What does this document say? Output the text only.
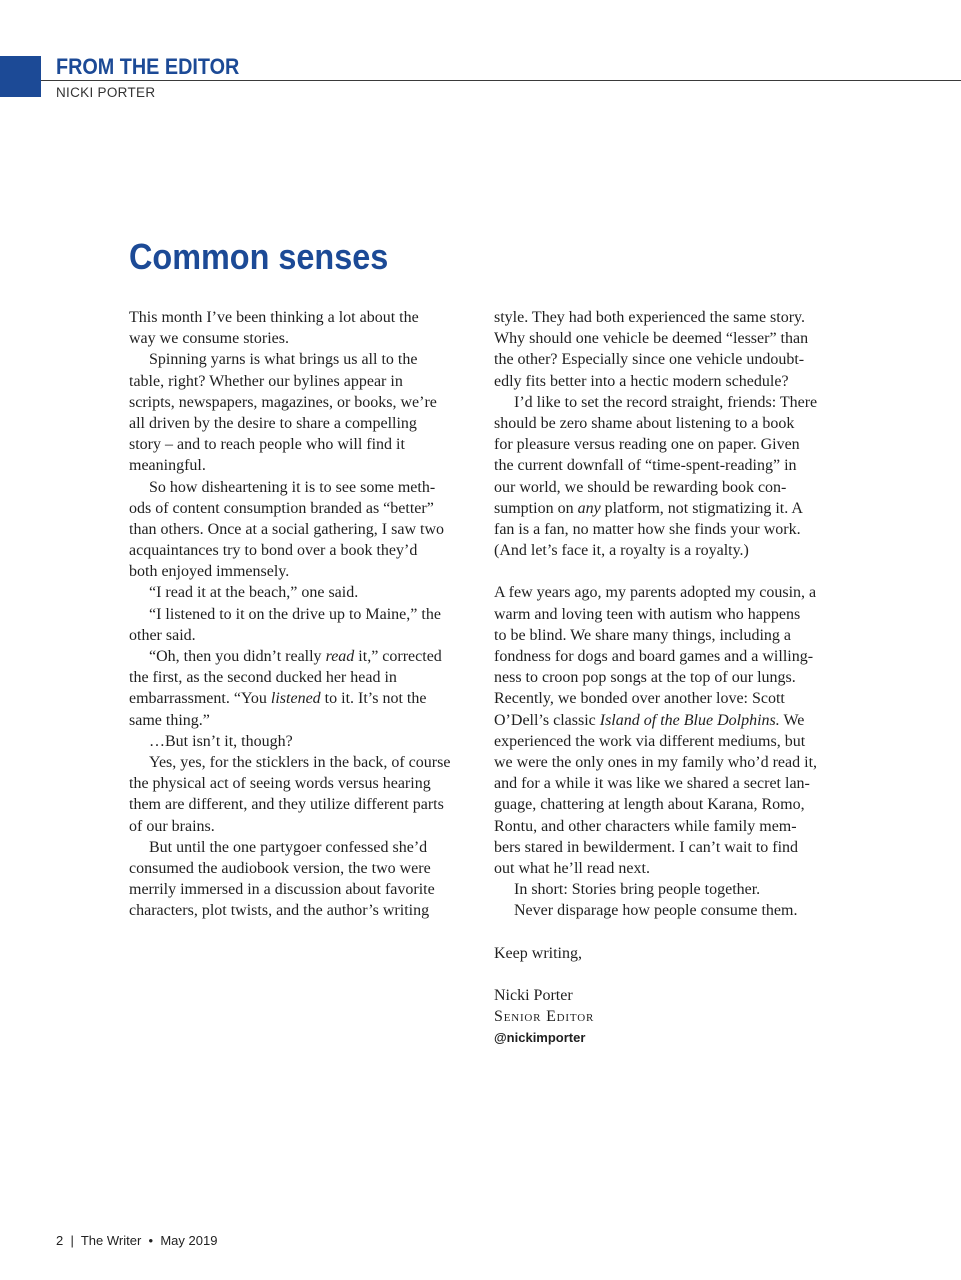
FROM THE EDITOR
NICKI PORTER
Common senses
This month I’ve been thinking a lot about the
way we consume stories.
Spinning yarns is what brings us all to the
table, right? Whether our bylines appear in
scripts, newspapers, magazines, or books, we’re
all driven by the desire to share a compelling
story – and to reach people who will find it
meaningful.
So how disheartening it is to see some meth-
ods of content consumption branded as “better”
than others. Once at a social gathering, I saw two
acquaintances try to bond over a book they’d
both enjoyed immensely.
“I read it at the beach,” one said.
“I listened to it on the drive up to Maine,” the
other said.
“Oh, then you didn’t really read it,” corrected
the first, as the second ducked her head in
embarrassment. “You listened to it. It’s not the
same thing.”
…But isn’t it, though?
Yes, yes, for the sticklers in the back, of course
the physical act of seeing words versus hearing
them are different, and they utilize different parts
of our brains.
But until the one partygoer confessed she’d
consumed the audiobook version, the two were
merrily immersed in a discussion about favorite
characters, plot twists, and the author’s writing
style. They had both experienced the same story.
Why should one vehicle be deemed “lesser” than
the other? Especially since one vehicle undoubt-
edly fits better into a hectic modern schedule?
I’d like to set the record straight, friends: There
should be zero shame about listening to a book
for pleasure versus reading one on paper. Given
the current downfall of “time-spent-reading” in
our world, we should be rewarding book con-
sumption on any platform, not stigmatizing it. A
fan is a fan, no matter how she finds your work.
(And let’s face it, a royalty is a royalty.)
A few years ago, my parents adopted my cousin, a
warm and loving teen with autism who happens
to be blind. We share many things, including a
fondness for dogs and board games and a willing-
ness to croon pop songs at the top of our lungs.
Recently, we bonded over another love: Scott
O’Dell’s classic Island of the Blue Dolphins. We
experienced the work via different mediums, but
we were the only ones in my family who’d read it,
and for a while it was like we shared a secret lan-
guage, chattering at length about Karana, Romo,
Rontu, and other characters while family mem-
bers stared in bewilderment. I can’t wait to find
out what he’ll read next.
In short: Stories bring people together.
Never disparage how people consume them.
Keep writing,
Nicki Porter
Senior Editor
@nickimporter
2 | The Writer • May 2019
